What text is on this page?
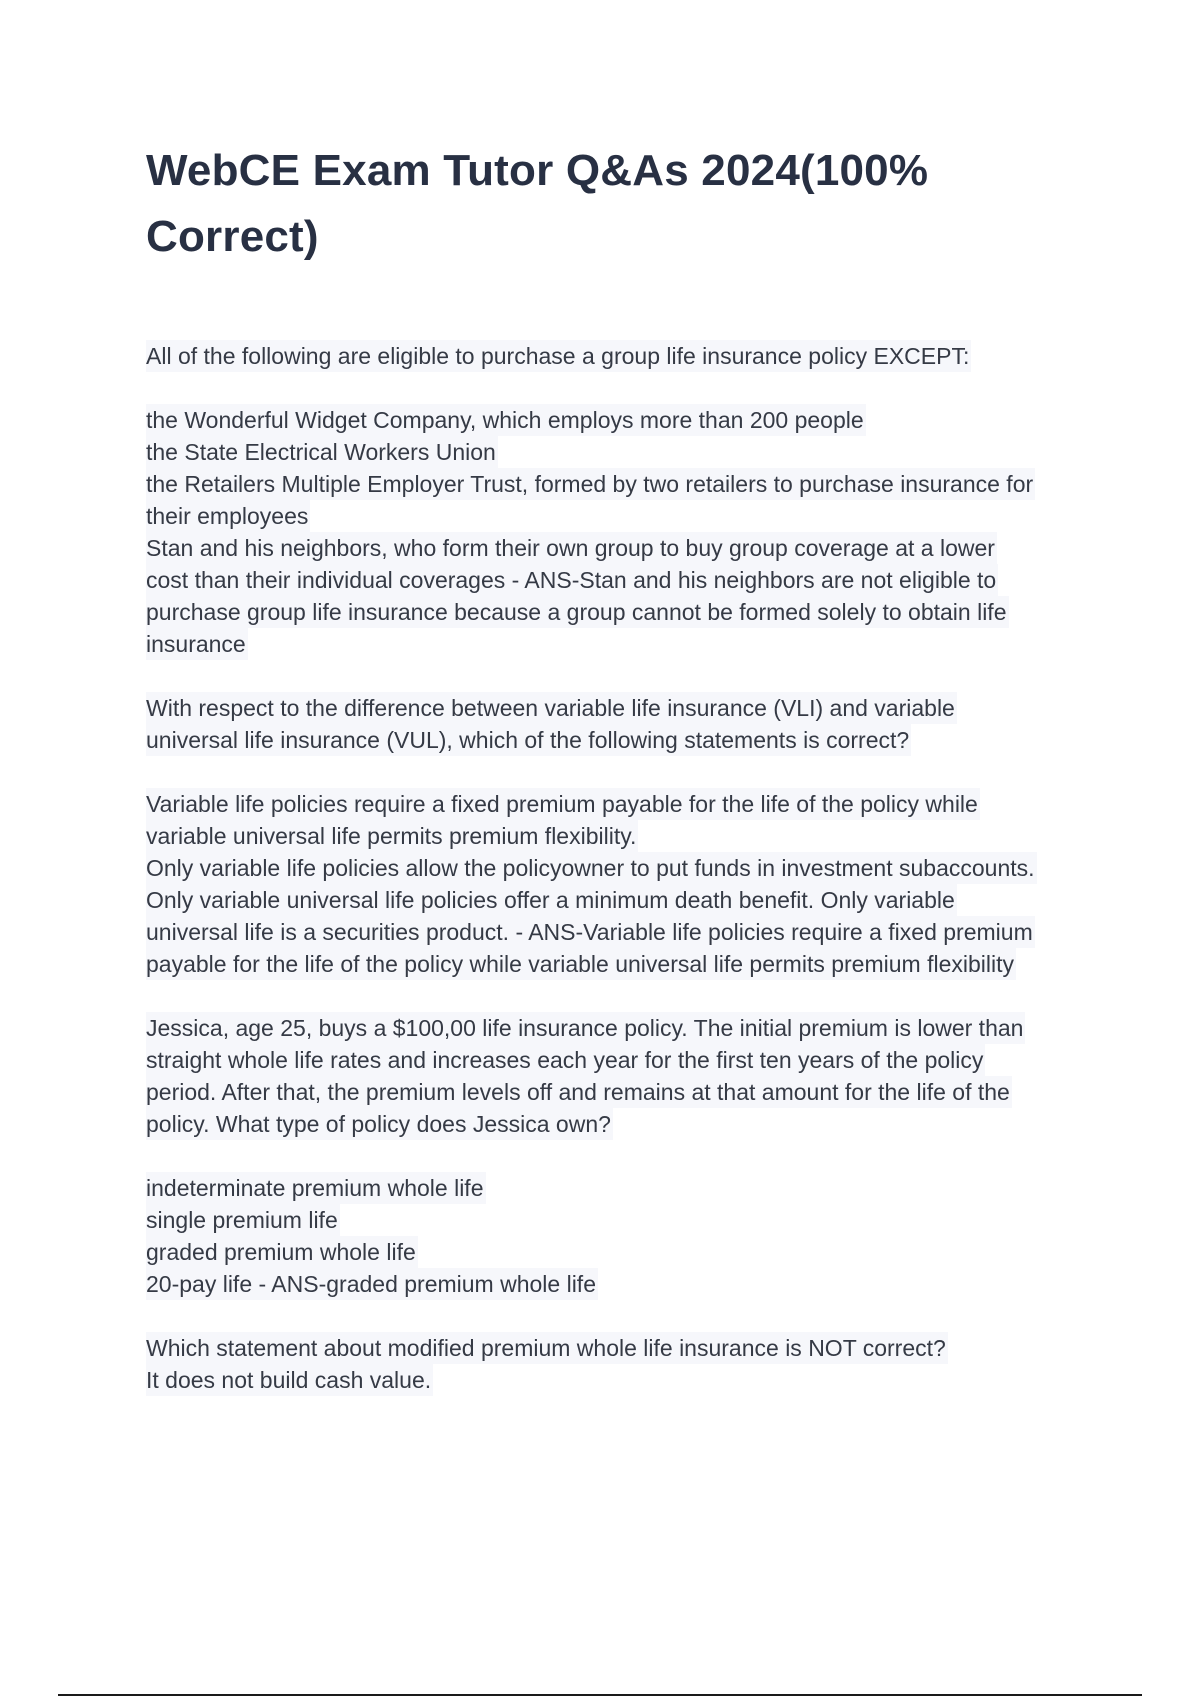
WebCE Exam Tutor Q&As 2024(100%
Correct)
All of the following are eligible to purchase a group life insurance policy EXCEPT:
the Wonderful Widget Company, which employs more than 200 people
the State Electrical Workers Union
the Retailers Multiple Employer Trust, formed by two retailers to purchase insurance for
their employees
Stan and his neighbors, who form their own group to buy group coverage at a lower
cost than their individual coverages - ANS-Stan and his neighbors are not eligible to
purchase group life insurance because a group cannot be formed solely to obtain life
insurance
With respect to the difference between variable life insurance (VLI) and variable
universal life insurance (VUL), which of the following statements is correct?
Variable life policies require a fixed premium payable for the life of the policy while
variable universal life permits premium flexibility.
Only variable life policies allow the policyowner to put funds in investment subaccounts.
Only variable universal life policies offer a minimum death benefit. Only variable
universal life is a securities product. - ANS-Variable life policies require a fixed premium
payable for the life of the policy while variable universal life permits premium flexibility
Jessica, age 25, buys a $100,00 life insurance policy. The initial premium is lower than
straight whole life rates and increases each year for the first ten years of the policy
period. After that, the premium levels off and remains at that amount for the life of the
policy. What type of policy does Jessica own?
indeterminate premium whole life
single premium life
graded premium whole life
20-pay life - ANS-graded premium whole life
Which statement about modified premium whole life insurance is NOT correct?
It does not build cash value.
